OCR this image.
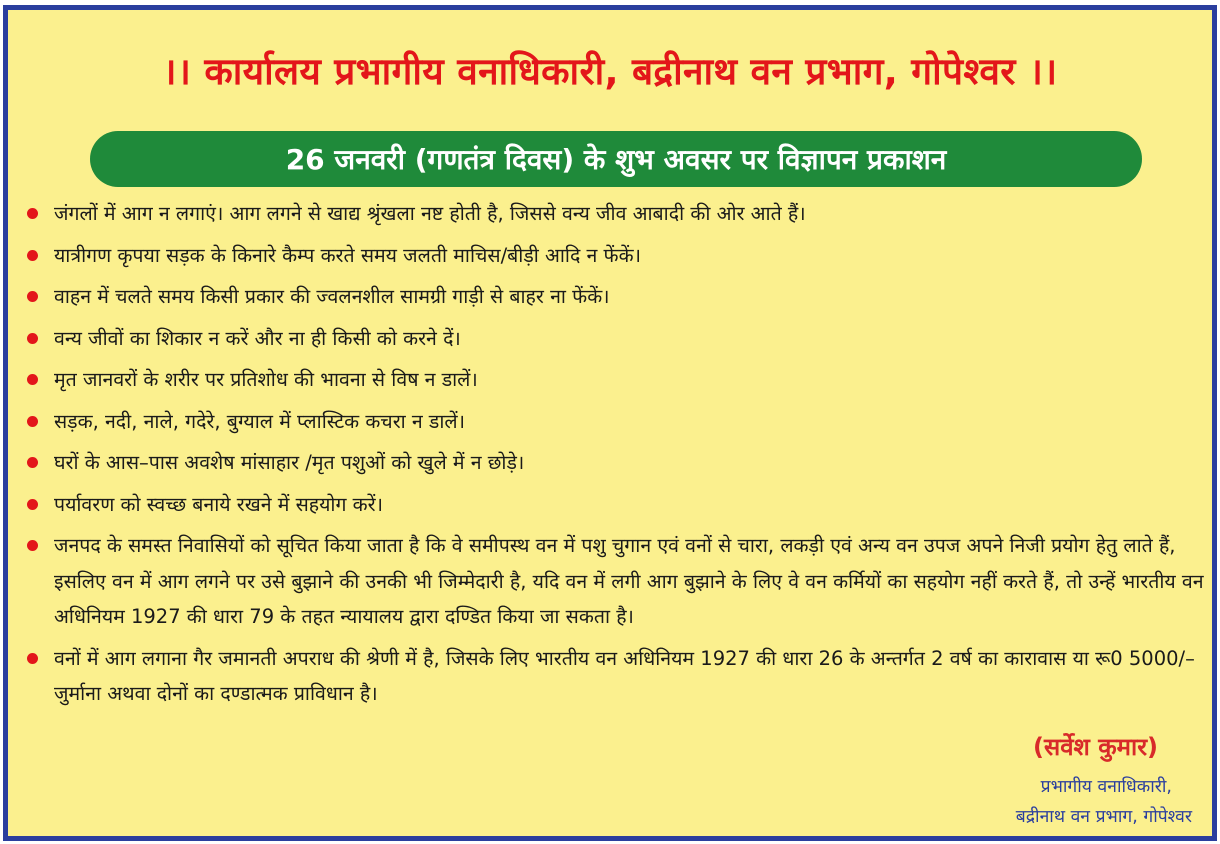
।। कार्यालय प्रभागीय वनाधिकारी, बद्रीनाथ वन प्रभाग, गोपेश्वर ।।
26 जनवरी (गणतंत्र दिवस) के शुभ अवसर पर विज्ञापन प्रकाशन
जंगलों में आग न लगाएं। आग लगने से खाद्य श्रृंखला नष्ट होती है, जिससे वन्य जीव आबादी की ओर आते हैं।
यात्रीगण कृपया सड़क के किनारे कैम्प करते समय जलती माचिस/बीड़ी आदि न फेंकें।
वाहन में चलते समय किसी प्रकार की ज्वलनशील सामग्री गाड़ी से बाहर ना फेंकें।
वन्य जीवों का शिकार न करें और ना ही किसी को करने दें।
मृत जानवरों के शरीर पर प्रतिशोध की भावना से विष न डालें।
सड़क, नदी, नाले, गदेरे, बुग्याल में प्लास्टिक कचरा न डालें।
घरों के आस–पास अवशेष मांसाहार /मृत पशुओं को खुले में न छोड़े।
पर्यावरण को स्वच्छ बनाये रखने में सहयोग करें।
जनपद के समस्त निवासियों को सूचित किया जाता है कि वे समीपस्थ वन में पशु चुगान एवं वनों से चारा, लकड़ी एवं अन्य वन उपज अपने निजी प्रयोग हेतु लाते हैं, इसलिए वन में आग लगने पर उसे बुझाने की उनकी भी जिम्मेदारी है, यदि वन में लगी आग बुझाने के लिए वे वन कर्मियों का सहयोग नहीं करते हैं, तो उन्हें भारतीय वन अधिनियम 1927 की धारा 79 के तहत न्यायालय द्वारा दण्डित किया जा सकता है।
वनों में आग लगाना गैर जमानती अपराध की श्रेणी में है, जिसके लिए भारतीय वन अधिनियम 1927 की धारा 26 के अन्तर्गत 2 वर्ष का कारावास या रू0 5000/– जुर्माना अथवा दोनों का दण्डात्मक प्राविधान है।
(सर्वेश कुमार)
प्रभागीय वनाधिकारी,
बद्रीनाथ वन प्रभाग, गोपेश्वर
